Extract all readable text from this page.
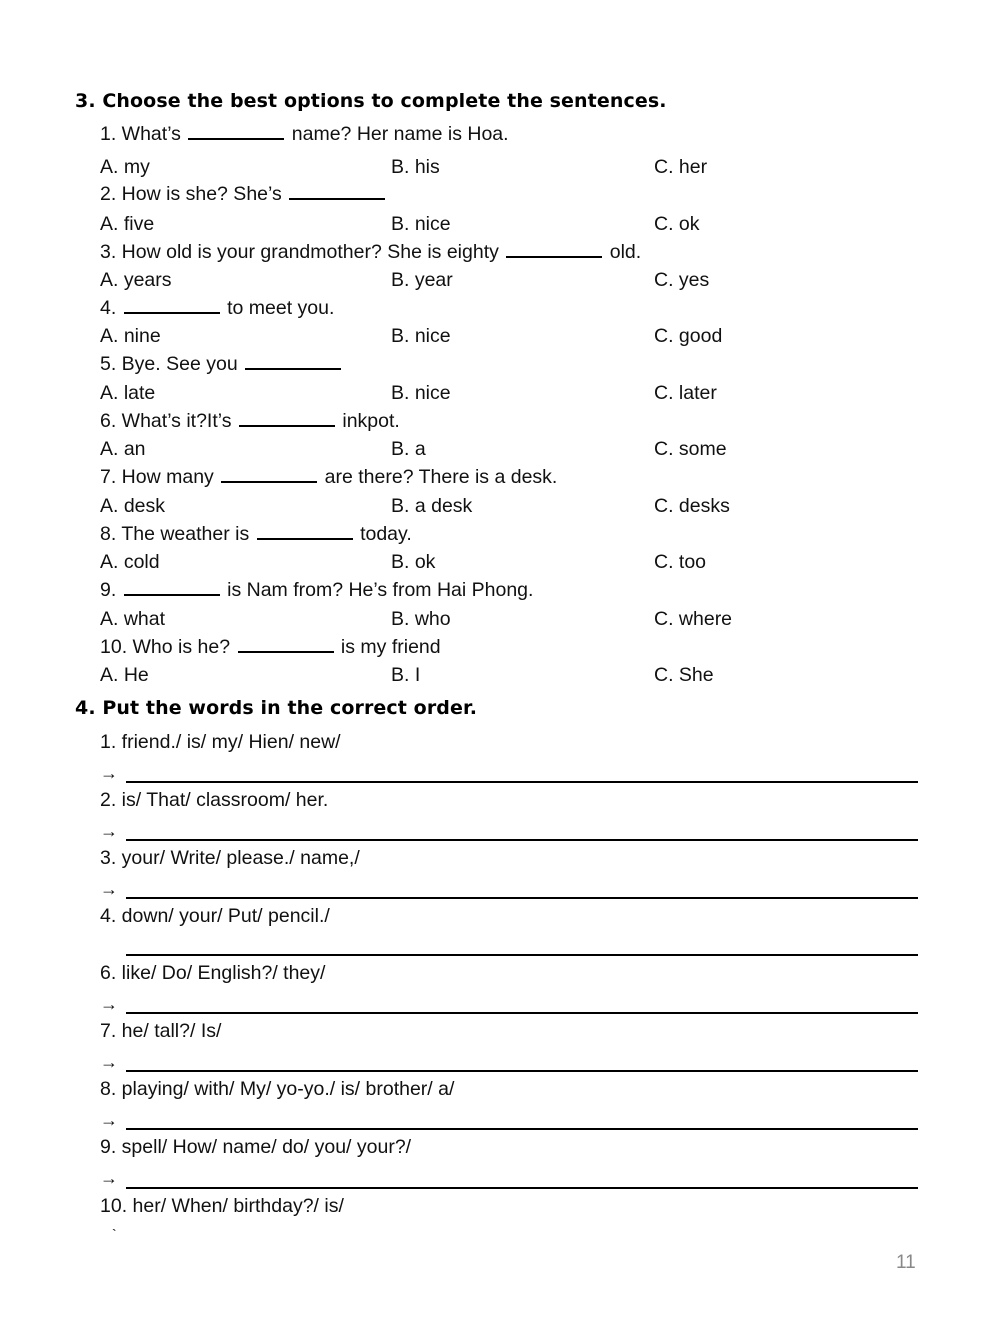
3. Choose the best options to complete the sentences.
1. What’s	name? Her name is Hoa.
A. my	B. his	C. her
2. How is she? She’s
A. five	B. nice	C. ok
3. How old is your grandmother? She is eighty	old.
A. years	B. year	C. yes
4.	to meet you.
A. nine	B. nice	C. good
5. Bye. See you
A. late	B. nice	C. later
6. What’s it?It’s	inkpot.
A. an	B. a	C. some
7. How many	are there? There is a desk.
A. desk	B. a desk	C. desks
8. The weather is	today.
A. cold	B. ok	C. too
9.	is Nam from? He’s from Hai Phong.
A. what	B. who	C. where
10. Who is he?	is my friend
A. He	B. I	C. She
4. Put the words in the correct order.
1. friend./ is/ my/ Hien/ new/
→
2. is/ That/ classroom/ her.
→
3. your/ Write/ please./ name,/
→
4. down/ your/ Put/ pencil./
6. like/ Do/ English?/ they/
→
7. he/ tall?/ Is/
→
8. playing/ with/ My/ yo-yo./ is/ brother/ a/
→
9. spell/ How/ name/ do/ you/ your?/
→
10. her/ When/ birthday?/ is/
`
11
